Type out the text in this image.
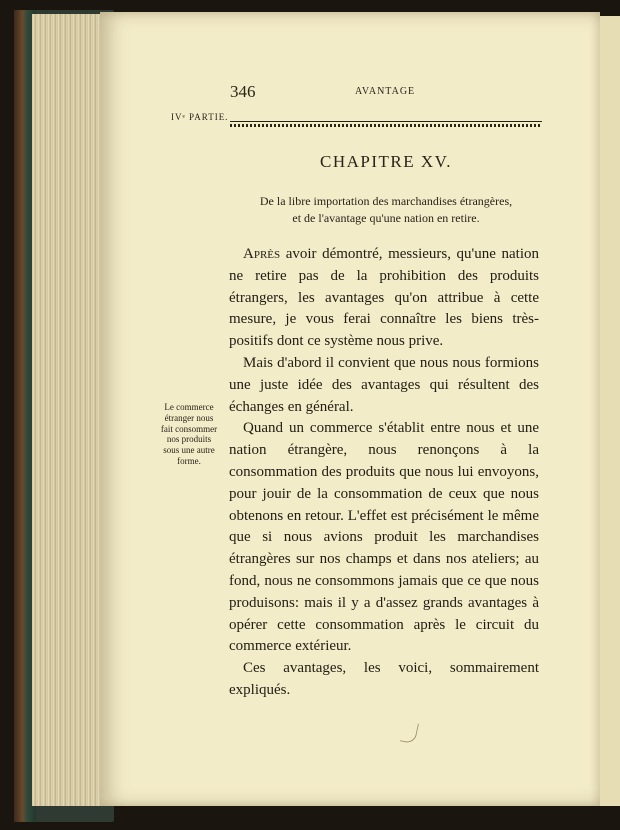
346	AVANTAGE
IVᵉ PARTIE.
CHAPITRE XV.
De la libre importation des marchandises étrangères,
et de l'avantage qu'une nation en retire.
Le commerce étranger nous fait consommer nos produits sous une autre forme.

Après avoir démontré, messieurs, qu'une nation ne retire pas de la prohibition des produits étrangers, les avantages qu'on attribue à cette mesure, je vous ferai connaître les biens très-positifs dont ce système nous prive.

Mais d'abord il convient que nous nous formions une juste idée des avantages qui résultent des échanges en général.

Quand un commerce s'établit entre nous et une nation étrangère, nous renonçons à la consommation des produits que nous lui envoyons, pour jouir de la consommation de ceux que nous obtenons en retour. L'effet est précisément le même que si nous avions produit les marchandises étrangères sur nos champs et dans nos ateliers; au fond, nous ne consommons jamais que ce que nous produisons: mais il y a d'assez grands avantages à opérer cette consommation après le circuit du commerce extérieur.

Ces avantages, les voici, sommairement expliqués.
